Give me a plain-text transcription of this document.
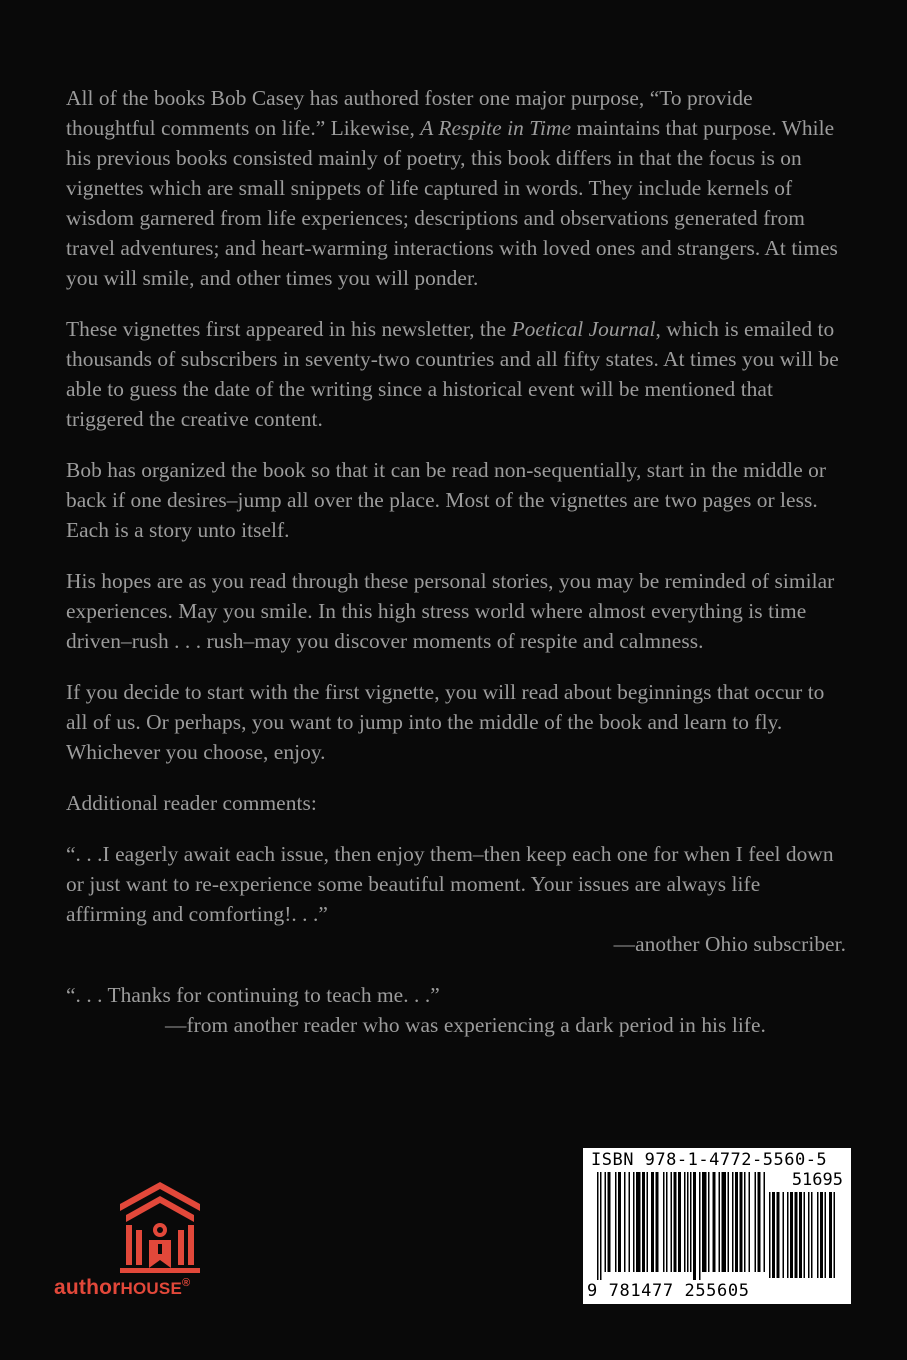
All of the books Bob Casey has authored foster one major purpose, “To provide thoughtful comments on life.” Likewise, A Respite in Time maintains that purpose. While his previous books consisted mainly of poetry, this book differs in that the focus is on vignettes which are small snippets of life captured in words. They include kernels of wisdom garnered from life experiences; descriptions and observations generated from travel adventures; and heart-warming interactions with loved ones and strangers. At times you will smile, and other times you will ponder.

These vignettes first appeared in his newsletter, the Poetical Journal, which is emailed to thousands of subscribers in seventy-two countries and all fifty states. At times you will be able to guess the date of the writing since a historical event will be mentioned that triggered the creative content.

Bob has organized the book so that it can be read non-sequentially, start in the middle or back if one desires–jump all over the place. Most of the vignettes are two pages or less. Each is a story unto itself.

His hopes are as you read through these personal stories, you may be reminded of similar experiences. May you smile. In this high stress world where almost everything is time driven–rush . . . rush–may you discover moments of respite and calmness.

If you decide to start with the first vignette, you will read about beginnings that occur to all of us. Or perhaps, you want to jump into the middle of the book and learn to fly. Whichever you choose, enjoy.

Additional reader comments:

“. . .I eagerly await each issue, then enjoy them–then keep each one for when I feel down or just want to re-experience some beautiful moment. Your issues are always life affirming and comforting!. . .”

—another Ohio subscriber.

“. . . Thanks for continuing to teach me. . .”

—from another reader who was experiencing a dark period in his life.

authorHOUSE®
ISBN 978-1-4772-5560-5
51695
9 781477 255605
